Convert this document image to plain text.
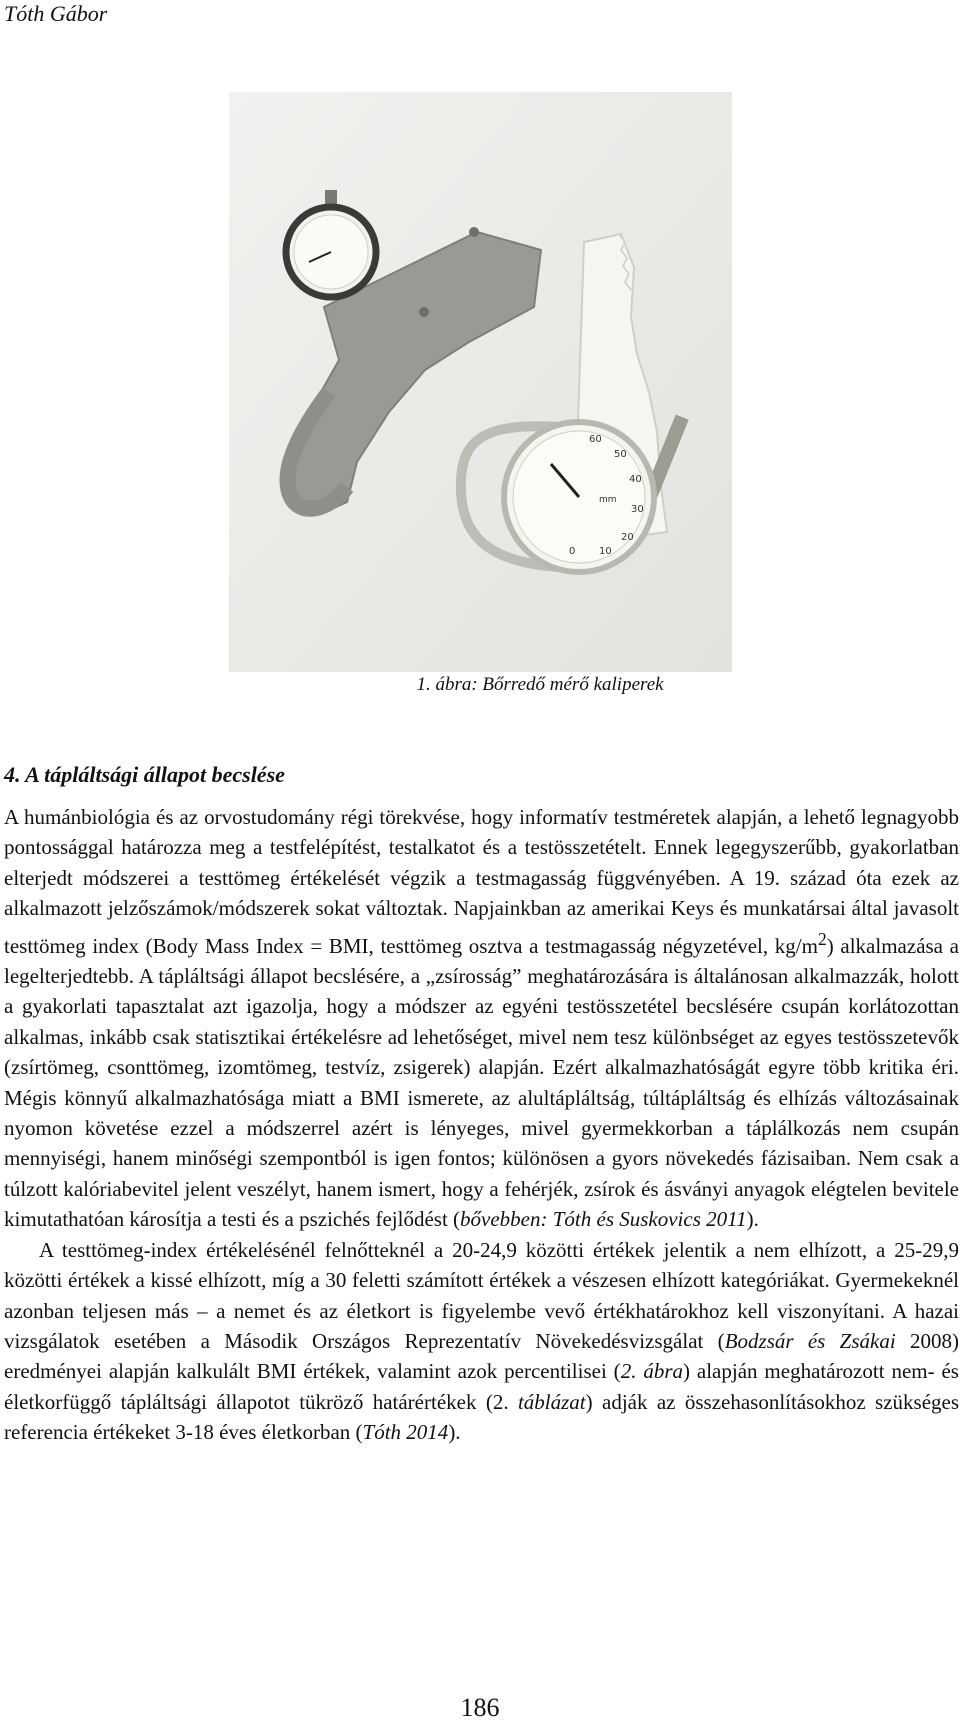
Tóth Gábor
60
50
40
30
20
10
0
mm
1. ábra: Bőrredő mérő kaliperek
4. A tápláltsági állapot becslése

A humánbiológia és az orvostudomány régi törekvése, hogy informatív testméretek alapján, a lehető legnagyobb pontossággal határozza meg a testfelépítést, testalkatot és a testösszetételt. Ennek legegyszerűbb, gyakorlatban elterjedt módszerei a testtömeg értékelését végzik a testmagasság függvényében. A 19. század óta ezek az alkalmazott jelzőszámok/módszerek sokat változtak. Napjainkban az amerikai Keys és munkatársai által javasolt testtömeg index (Body Mass Index = BMI, testtömeg osztva a testmagasság négyzetével, $kg/m^2$) alkalmazása a legelterjedtebb. A tápláltsági állapot becslésére, a „zsírosság” meghatározására is általánosan alkalmazzák, holott a gyakorlati tapasztalat azt igazolja, hogy a módszer az egyéni testösszetétel becslésére csupán korlátozottan alkalmas, inkább csak statisztikai értékelésre ad lehetőséget, mivel nem tesz különbséget az egyes testösszetevők (zsírtömeg, csonttömeg, izomtömeg, testvíz, zsigerek) alapján. Ezért alkalmazhatóságát egyre több kritika éri. Mégis könnyű alkalmazhatósága miatt a BMI ismerete, az alultápláltság, túltápláltság és elhízás változásainak nyomon követése ezzel a módszerrel azért is lényeges, mivel gyermekkorban a táplálkozás nem csupán mennyiségi, hanem minőségi szempontból is igen fontos; különösen a gyors növekedés fázisaiban. Nem csak a túlzott kalóriabevitel jelent veszélyt, hanem ismert, hogy a fehérjék, zsírok és ásványi anyagok elégtelen bevitele kimutathatóan károsítja a testi és a pszichés fejlődést (bővebben: Tóth és Suskovics 2011).

A testtömeg-index értékelésénél felnőtteknél a 20-24,9 közötti értékek jelentik a nem elhízott, a 25-29,9 közötti értékek a kissé elhízott, míg a 30 feletti számított értékek a vészesen elhízott kategóriákat. Gyermekeknél azonban teljesen más – a nemet és az életkort is figyelembe vevő értékhatárokhoz kell viszonyítani. A hazai vizsgálatok esetében a Második Országos Reprezentatív Növekedésvizsgálat (Bodzsár és Zsákai 2008) eredményei alapján kalkulált BMI értékek, valamint azok percentilisei (2. ábra) alapján meghatározott nem- és életkorfüggő tápláltsági állapotot tükröző határértékek (2. táblázat) adják az összehasonlításokhoz szükséges referencia értékeket 3-18 éves életkorban (Tóth 2014).

186
